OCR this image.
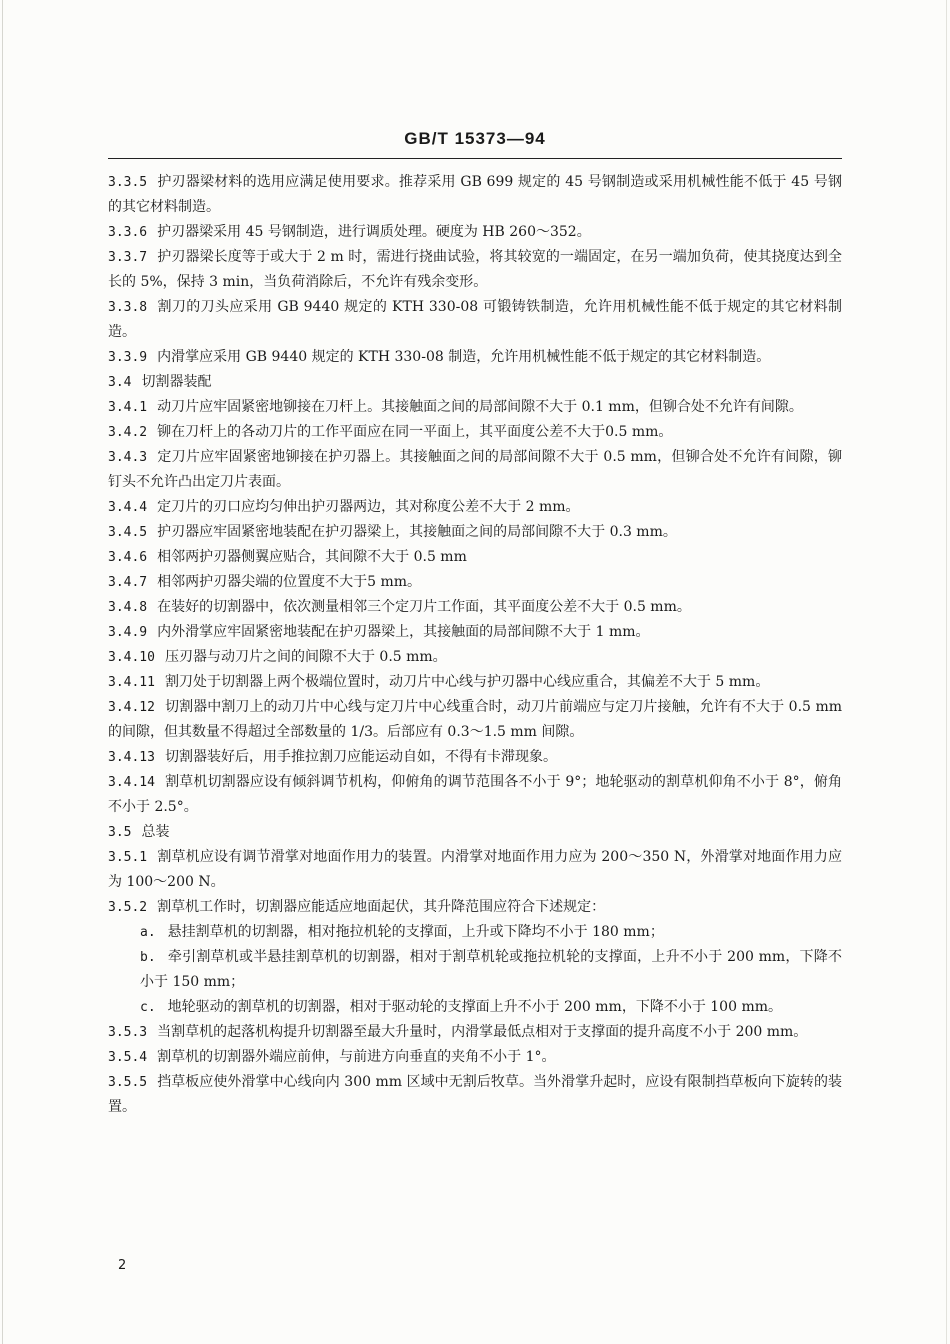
GB/T 15373—94
3.3.5 护刃器梁材料的选用应满足使用要求。推荐采用 GB 699 规定的 45 号钢制造或采用机械性能不低于 45 号钢的其它材料制造。
3.3.6 护刃器梁采用 45 号钢制造，进行调质处理。硬度为 HB 260～352。
3.3.7 护刃器梁长度等于或大于 2 m 时，需进行挠曲试验，将其较宽的一端固定，在另一端加负荷，使其挠度达到全长的 5%，保持 3 min，当负荷消除后，不允许有残余变形。
3.3.8 割刀的刀头应采用 GB 9440 规定的 KTH 330-08 可锻铸铁制造，允许用机械性能不低于规定的其它材料制造。
3.3.9 内滑掌应采用 GB 9440 规定的 KTH 330-08 制造，允许用机械性能不低于规定的其它材料制造。
3.4 切割器装配
3.4.1 动刀片应牢固紧密地铆接在刀杆上。其接触面之间的局部间隙不大于 0.1 mm，但铆合处不允许有间隙。
3.4.2 铆在刀杆上的各动刀片的工作平面应在同一平面上，其平面度公差不大于0.5 mm。
3.4.3 定刀片应牢固紧密地铆接在护刃器上。其接触面之间的局部间隙不大于 0.5 mm，但铆合处不允许有间隙，铆钉头不允许凸出定刀片表面。
3.4.4 定刀片的刃口应均匀伸出护刃器两边，其对称度公差不大于 2 mm。
3.4.5 护刃器应牢固紧密地装配在护刃器梁上，其接触面之间的局部间隙不大于 0.3 mm。
3.4.6 相邻两护刃器侧翼应贴合，其间隙不大于 0.5 mm
3.4.7 相邻两护刃器尖端的位置度不大于5 mm。
3.4.8 在装好的切割器中，依次测量相邻三个定刀片工作面，其平面度公差不大于 0.5 mm。
3.4.9 内外滑掌应牢固紧密地装配在护刃器梁上，其接触面的局部间隙不大于 1 mm。
3.4.10 压刃器与动刀片之间的间隙不大于 0.5 mm。
3.4.11 割刀处于切割器上两个极端位置时，动刀片中心线与护刃器中心线应重合，其偏差不大于 5 mm。
3.4.12 切割器中割刀上的动刀片中心线与定刀片中心线重合时，动刀片前端应与定刀片接触，允许有不大于 0.5 mm 的间隙，但其数量不得超过全部数量的 1/3。后部应有 0.3～1.5 mm 间隙。
3.4.13 切割器装好后，用手推拉割刀应能运动自如，不得有卡滞现象。
3.4.14 割草机切割器应设有倾斜调节机构，仰俯角的调节范围各不小于 9°；地轮驱动的割草机仰角不小于 8°，俯角不小于 2.5°。
3.5 总装
3.5.1 割草机应设有调节滑掌对地面作用力的装置。内滑掌对地面作用力应为 200～350 N，外滑掌对地面作用力应为 100～200 N。
3.5.2 割草机工作时，切割器应能适应地面起伏，其升降范围应符合下述规定：
a. 悬挂割草机的切割器，相对拖拉机轮的支撑面，上升或下降均不小于 180 mm；
b. 牵引割草机或半悬挂割草机的切割器，相对于割草机轮或拖拉机轮的支撑面，上升不小于 200 mm，下降不小于 150 mm；
c. 地轮驱动的割草机的切割器，相对于驱动轮的支撑面上升不小于 200 mm，下降不小于 100 mm。
3.5.3 当割草机的起落机构提升切割器至最大升量时，内滑掌最低点相对于支撑面的提升高度不小于 200 mm。
3.5.4 割草机的切割器外端应前伸，与前进方向垂直的夹角不小于 1°。
3.5.5 挡草板应使外滑掌中心线向内 300 mm 区域中无割后牧草。当外滑掌升起时，应设有限制挡草板向下旋转的装置。
2
